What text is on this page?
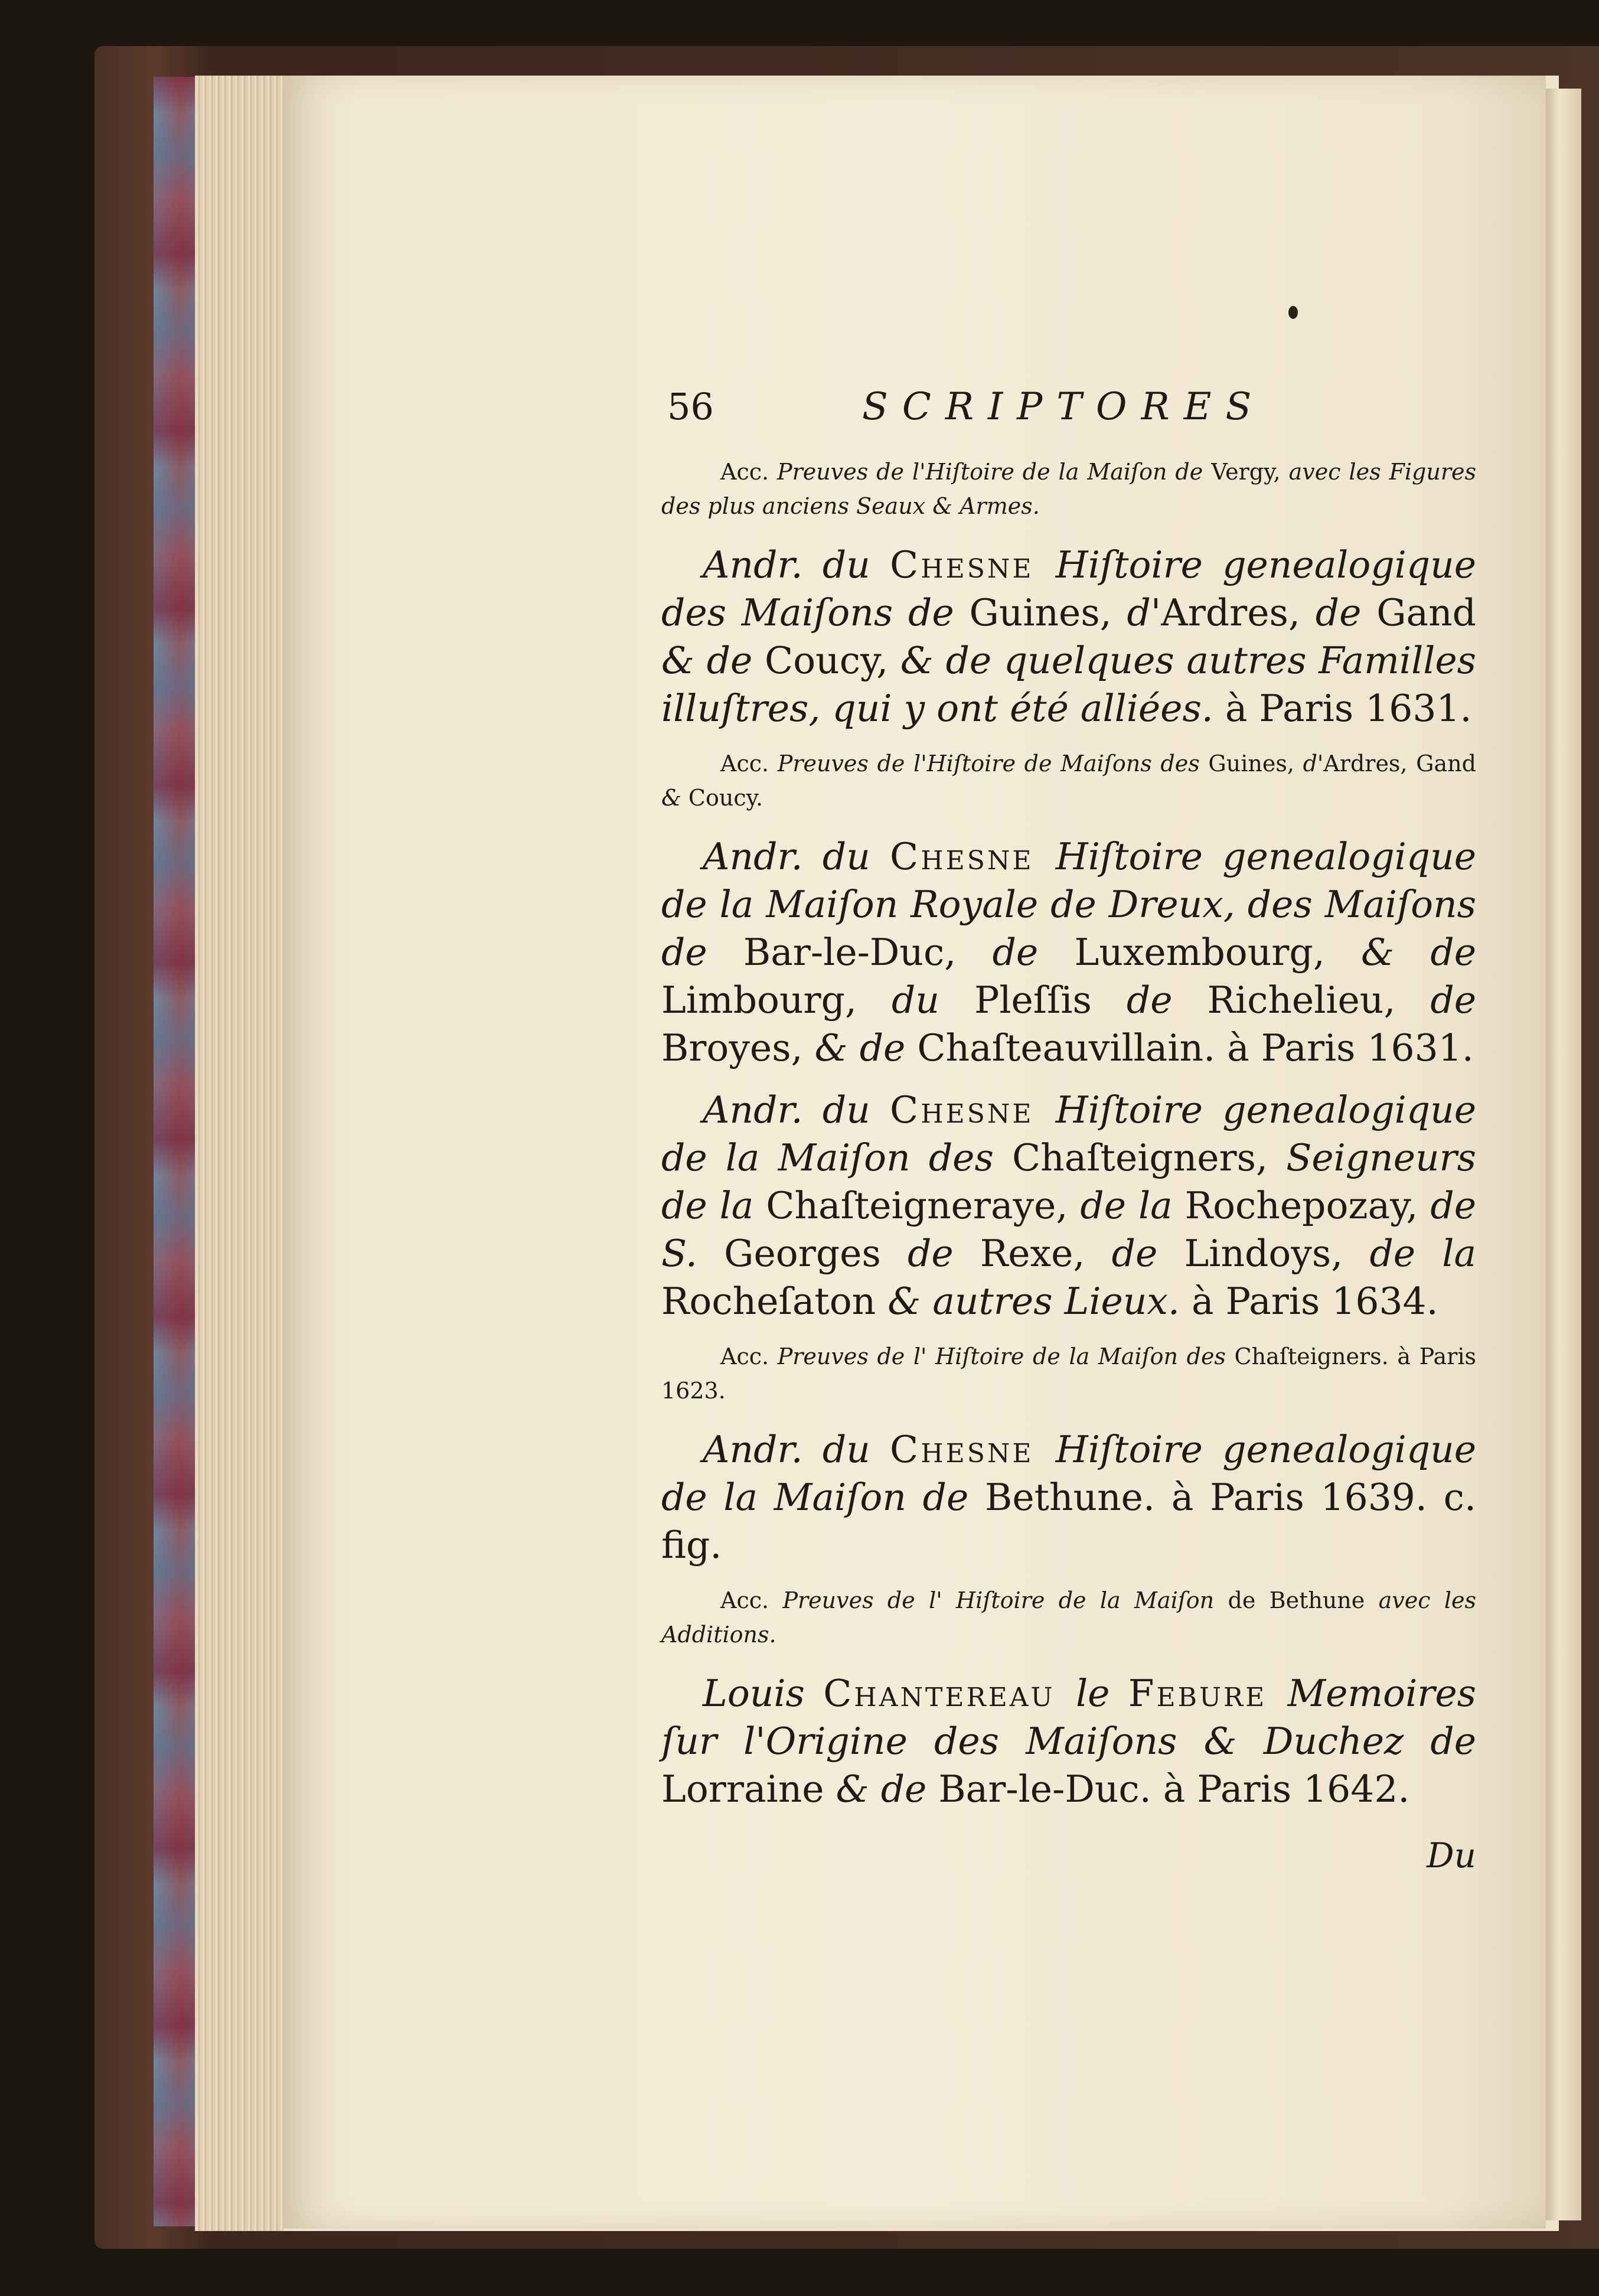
56	SCRIPTORES

Acc. Preuves de l'Hiſtoire de la Maiſon de Vergy, avec les Figures des plus anciens Seaux & Armes.

Andr. du Chesne Hiſtoire genealogique des Maiſons de Guines, d'Ardres, de Gand & de Coucy, & de quelques autres Familles illuſtres, qui y ont été alliées. à Paris 1631.

Acc. Preuves de l'Hiſtoire de Maiſons des Guines, d'Ardres, Gand & Coucy.

Andr. du Chesne Hiſtoire genealogique de la Maiſon Royale de Dreux, des Maiſons de Bar-le-Duc, de Luxembourg, & de Limbourg, du Pleſſis de Richelieu, de Broyes, & de Chaſteauvillain. à Paris 1631.

Andr. du Chesne Hiſtoire genealogique de la Maiſon des Chaſteigners, Seigneurs de la Chaſteigneraye, de la Rochepozay, de S. Georges de Rexe, de Lindoys, de la Rocheſaton & autres Lieux. à Paris 1634.

Acc. Preuves de l' Hiſtoire de la Maiſon des Chaſteigners. à Paris 1623.

Andr. du Chesne Hiſtoire genealogique de la Maiſon de Bethune. à Paris 1639. c. fig.

Acc. Preuves de l' Hiſtoire de la Maiſon de Bethune avec les Additions.

Louis Chantereau le Febure Memoires ſur l'Origine des Maiſons & Duchez de Lorraine & de Bar-le-Duc. à Paris 1642.

Du
